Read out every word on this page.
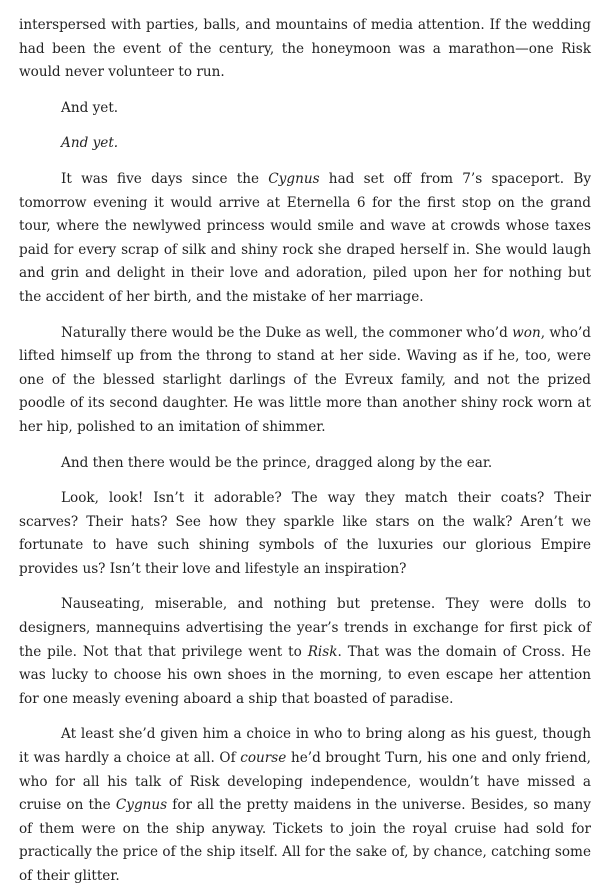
interspersed with parties, balls, and mountains of media attention. If the wedding had been the event of the century, the honeymoon was a marathon—one Risk would never volunteer to run.

And yet.

And yet.

It was five days since the Cygnus had set off from 7’s spaceport. By tomorrow evening it would arrive at Eternella 6 for the first stop on the grand tour, where the newlywed princess would smile and wave at crowds whose taxes paid for every scrap of silk and shiny rock she draped herself in. She would laugh and grin and delight in their love and adoration, piled upon her for nothing but the accident of her birth, and the mistake of her marriage.

Naturally there would be the Duke as well, the commoner who’d won, who’d lifted himself up from the throng to stand at her side. Waving as if he, too, were one of the blessed starlight darlings of the Evreux family, and not the prized poodle of its second daughter. He was little more than another shiny rock worn at her hip, polished to an imitation of shimmer.

And then there would be the prince, dragged along by the ear.

Look, look! Isn’t it adorable? The way they match their coats? Their scarves? Their hats? See how they sparkle like stars on the walk? Aren’t we fortunate to have such shining symbols of the luxuries our glorious Empire provides us? Isn’t their love and lifestyle an inspiration?

Nauseating, miserable, and nothing but pretense. They were dolls to designers, mannequins advertising the year’s trends in exchange for first pick of the pile. Not that that privilege went to Risk. That was the domain of Cross. He was lucky to choose his own shoes in the morning, to even escape her attention for one measly evening aboard a ship that boasted of paradise.

At least she’d given him a choice in who to bring along as his guest, though it was hardly a choice at all. Of course he’d brought Turn, his one and only friend, who for all his talk of Risk developing independence, wouldn’t have missed a cruise on the Cygnus for all the pretty maidens in the universe. Besides, so many of them were on the ship anyway. Tickets to join the royal cruise had sold for practically the price of the ship itself. All for the sake of, by chance, catching some of their glitter.
